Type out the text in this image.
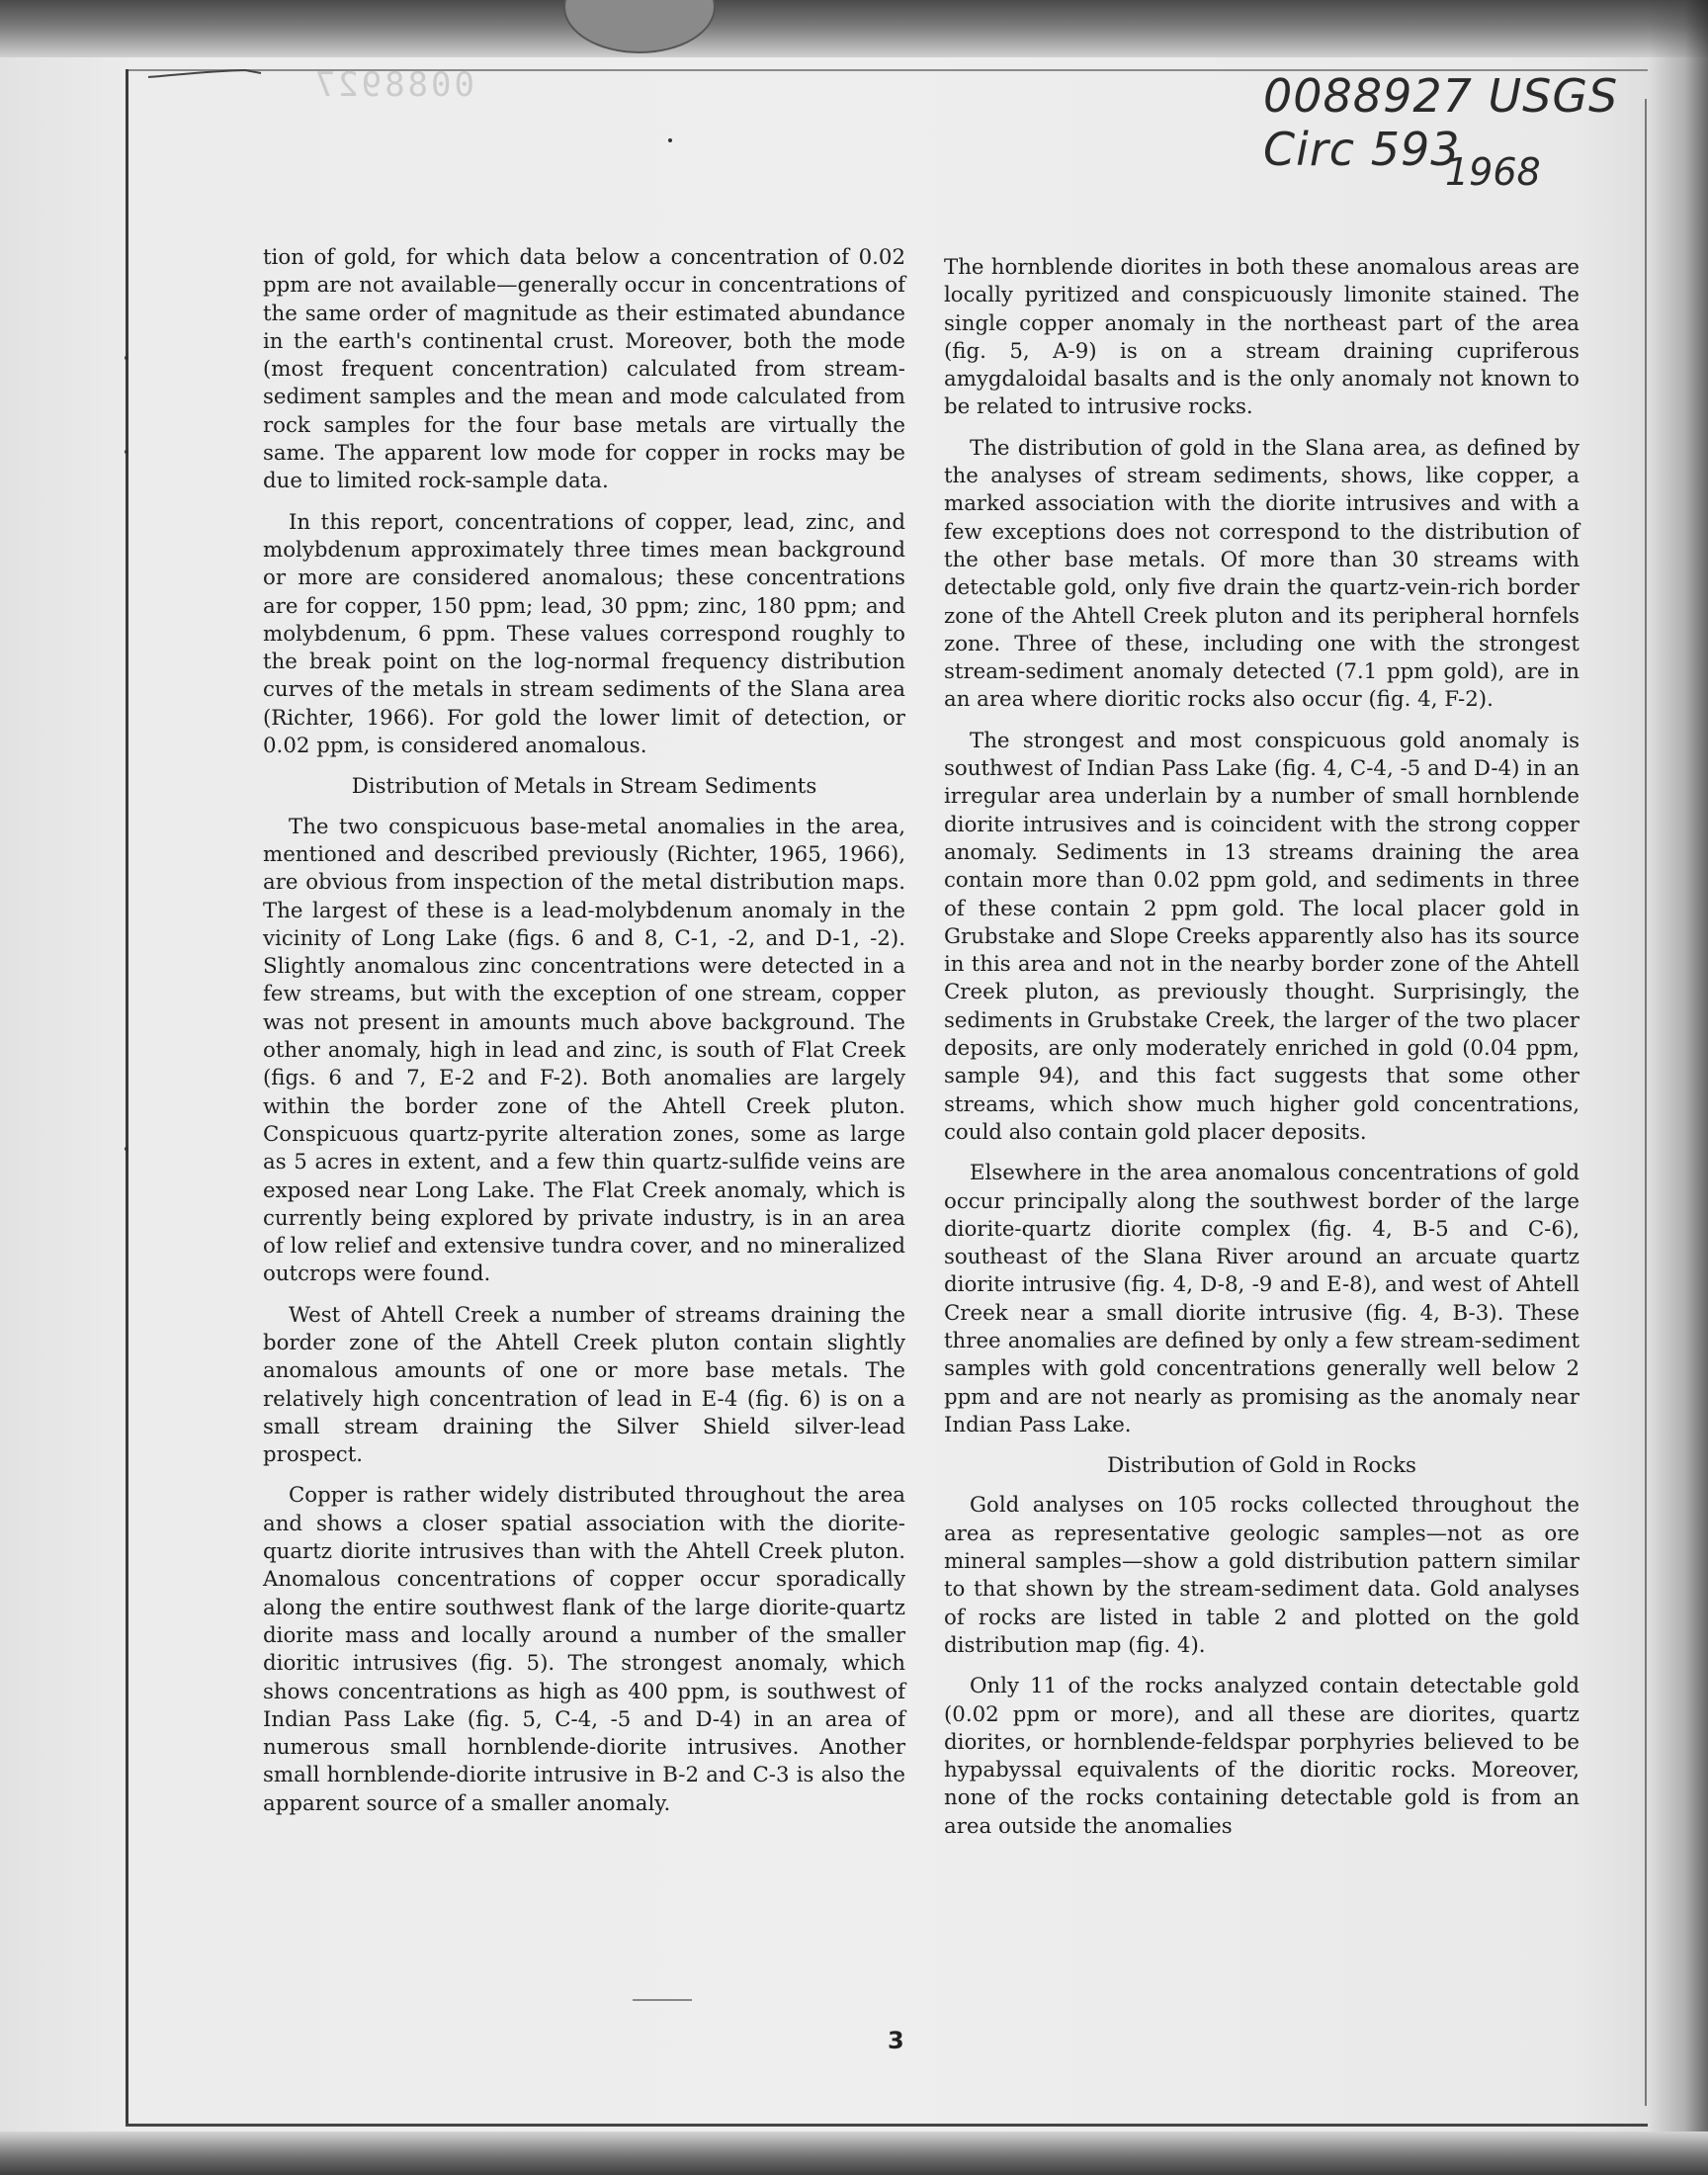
0088927	0088927 USGS Circ 593
1968

tion of gold, for which data below a concentration of 0.02 ppm are not available—generally occur in concentrations of the same order of magnitude as their estimated abundance in the earth's continental crust. Moreover, both the mode (most frequent concentration) calculated from stream-sediment samples and the mean and mode calculated from rock samples for the four base metals are virtually the same. The apparent low mode for copper in rocks may be due to limited rock-sample data.

In this report, concentrations of copper, lead, zinc, and molybdenum approximately three times mean background or more are considered anomalous; these concentrations are for copper, 150 ppm; lead, 30 ppm; zinc, 180 ppm; and molybdenum, 6 ppm. These values correspond roughly to the break point on the log-normal frequency distribution curves of the metals in stream sediments of the Slana area (Richter, 1966). For gold the lower limit of detection, or 0.02 ppm, is considered anomalous.

Distribution of Metals in Stream Sediments

The two conspicuous base-metal anomalies in the area, mentioned and described previously (Richter, 1965, 1966), are obvious from inspection of the metal distribution maps. The largest of these is a lead-molybdenum anomaly in the vicinity of Long Lake (figs. 6 and 8, C-1, -2, and D-1, -2). Slightly anomalous zinc concentrations were detected in a few streams, but with the exception of one stream, copper was not present in amounts much above background. The other anomaly, high in lead and zinc, is south of Flat Creek (figs. 6 and 7, E-2 and F-2). Both anomalies are largely within the border zone of the Ahtell Creek pluton. Conspicuous quartz-pyrite alteration zones, some as large as 5 acres in extent, and a few thin quartz-sulfide veins are exposed near Long Lake. The Flat Creek anomaly, which is currently being explored by private industry, is in an area of low relief and extensive tundra cover, and no mineralized outcrops were found.

West of Ahtell Creek a number of streams draining the border zone of the Ahtell Creek pluton contain slightly anomalous amounts of one or more base metals. The relatively high concentration of lead in E-4 (fig. 6) is on a small stream draining the Silver Shield silver-lead prospect.

Copper is rather widely distributed throughout the area and shows a closer spatial association with the diorite-quartz diorite intrusives than with the Ahtell Creek pluton. Anomalous concentrations of copper occur sporadically along the entire southwest flank of the large diorite-quartz diorite mass and locally around a number of the smaller dioritic intrusives (fig. 5). The strongest anomaly, which shows concentrations as high as 400 ppm, is southwest of Indian Pass Lake (fig. 5, C-4, -5 and D-4) in an area of numerous small hornblende-diorite intrusives. Another small hornblende-diorite intrusive in B-2 and C-3 is also the apparent source of a smaller anomaly.

The hornblende diorites in both these anomalous areas are locally pyritized and conspicuously limonite stained. The single copper anomaly in the northeast part of the area (fig. 5, A-9) is on a stream draining cupriferous amygdaloidal basalts and is the only anomaly not known to be related to intrusive rocks.

The distribution of gold in the Slana area, as defined by the analyses of stream sediments, shows, like copper, a marked association with the diorite intrusives and with a few exceptions does not correspond to the distribution of the other base metals. Of more than 30 streams with detectable gold, only five drain the quartz-vein-rich border zone of the Ahtell Creek pluton and its peripheral hornfels zone. Three of these, including one with the strongest stream-sediment anomaly detected (7.1 ppm gold), are in an area where dioritic rocks also occur (fig. 4, F-2).

The strongest and most conspicuous gold anomaly is southwest of Indian Pass Lake (fig. 4, C-4, -5 and D-4) in an irregular area underlain by a number of small hornblende diorite intrusives and is coincident with the strong copper anomaly. Sediments in 13 streams draining the area contain more than 0.02 ppm gold, and sediments in three of these contain 2 ppm gold. The local placer gold in Grubstake and Slope Creeks apparently also has its source in this area and not in the nearby border zone of the Ahtell Creek pluton, as previously thought. Surprisingly, the sediments in Grubstake Creek, the larger of the two placer deposits, are only moderately enriched in gold (0.04 ppm, sample 94), and this fact suggests that some other streams, which show much higher gold concentrations, could also contain gold placer deposits.

Elsewhere in the area anomalous concentrations of gold occur principally along the southwest border of the large diorite-quartz diorite complex (fig. 4, B-5 and C-6), southeast of the Slana River around an arcuate quartz diorite intrusive (fig. 4, D-8, -9 and E-8), and west of Ahtell Creek near a small diorite intrusive (fig. 4, B-3). These three anomalies are defined by only a few stream-sediment samples with gold concentrations generally well below 2 ppm and are not nearly as promising as the anomaly near Indian Pass Lake.

Distribution of Gold in Rocks

Gold analyses on 105 rocks collected throughout the area as representative geologic samples—not as ore mineral samples—show a gold distribution pattern similar to that shown by the stream-sediment data. Gold analyses of rocks are listed in table 2 and plotted on the gold distribution map (fig. 4).

Only 11 of the rocks analyzed contain detectable gold (0.02 ppm or more), and all these are diorites, quartz diorites, or hornblende-feldspar porphyries believed to be hypabyssal equivalents of the dioritic rocks. Moreover, none of the rocks containing detectable gold is from an area outside the anomalies

3
